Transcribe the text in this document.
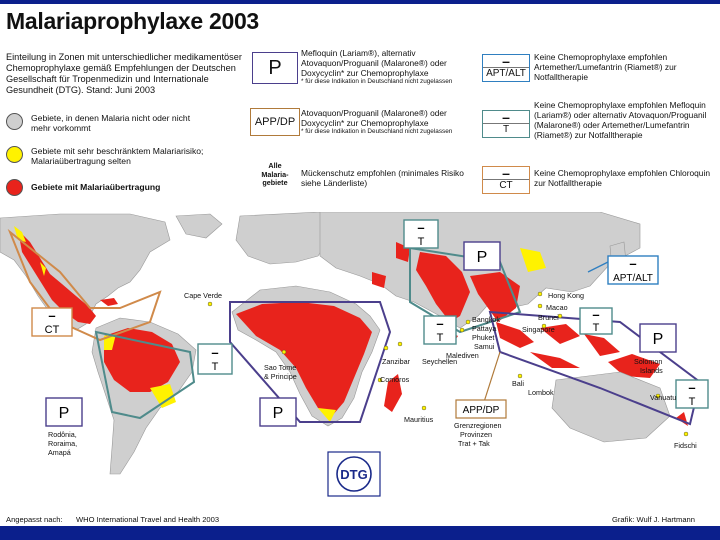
Malariaprophylaxe 2003
Einteilung in Zonen mit unterschiedlicher medikamentöser Chemoprophylaxe gemäß Empfehlungen der Deutschen Gesellschaft für Tropenmedizin und Internationale Gesundheit (DTG). Stand: Juni 2003
Gebiete, in denen Malaria nicht oder nicht mehr vorkommt
Gebiete mit sehr beschränktem Malariarisiko; Malariaübertragung selten
Gebiete mit Malariaübertragung
P
Mefloquin (Lariam®), alternativ Atovaquon/Proguanil (Malarone®) oder Doxycyclin* zur Chemoprophylaxe
* für diese Indikation in Deutschland nicht zugelassen
APP/DP
Atovaquon/Proguanil (Malarone®) oder Doxycyclin* zur Chemoprophylaxe
* für diese Indikation in Deutschland nicht zugelassen
Alle Malaria-gebiete
Mückenschutz empfohlen (minimales Risiko siehe Länderliste)
–
APT/ALT
Keine Chemoprophylaxe empfohlen Artemether/Lumefantrin (Riamet®) zur Notfalltherapie
–
T
Keine Chemoprophylaxe empfohlen Mefloquin (Lariam®) oder alternativ Atovaquon/Proguanil (Malarone®) oder Artemether/Lumefantrin (Riamet®) zur Notfalltherapie
–
CT
Keine Chemoprophylaxe empfohlen Chloroquin zur Notfalltherapie
–
CT
–
T
P	P
–
T
P
–
T
–
T
–
APT/ALT
P
–
T
APP/DP
DTG
Cape Verde
Sao Tome
& Principe
Zanzibar Seychellen
Comoros
Mauritius
Malediven
Bangkok
Pattaya
Phuket
Samui
Hong Kong
Macao
Brunei
Singapore
Bali
Lombok
Solomon
Islands
Vanuatu
Fidschi
Rodônia,
Roraima,
Amapá
Grenzregionen
Provinzen
Trat + Tak
Angepasst nach: WHO International Travel and Health 2003	Grafik: Wulf J. Hartmann
